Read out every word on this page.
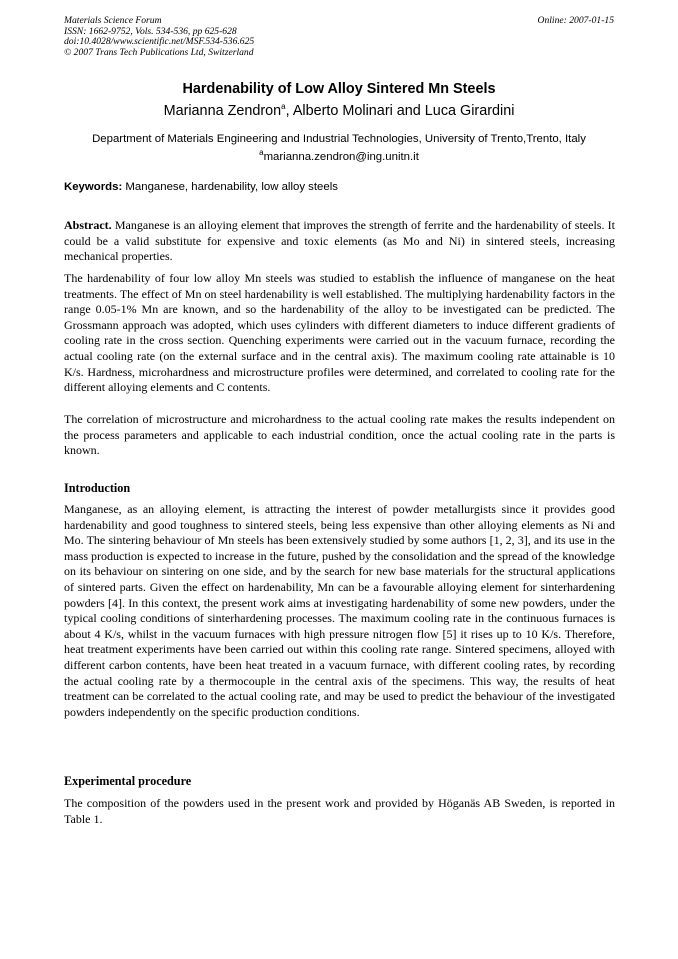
Materials Science Forum
ISSN: 1662-9752, Vols. 534-536, pp 625-628
doi:10.4028/www.scientific.net/MSF.534-536.625
© 2007 Trans Tech Publications Ltd, Switzerland
Online: 2007-01-15
Hardenability of Low Alloy Sintered Mn Steels
Marianna Zendron$^a$, Alberto Molinari and Luca Girardini
Department of Materials Engineering and Industrial Technologies, University of Trento,Trento, Italy
$^a$marianna.zendron@ing.unitn.it
Keywords: Manganese, hardenability, low alloy steels

Abstract. Manganese is an alloying element that improves the strength of ferrite and the hardenability of steels. It could be a valid substitute for expensive and toxic elements (as Mo and Ni) in sintered steels, increasing mechanical properties.

The hardenability of four low alloy Mn steels was studied to establish the influence of manganese on the heat treatments. The effect of Mn on steel hardenability is well established. The multiplying hardenability factors in the range 0.05-1% Mn are known, and so the hardenability of the alloy to be investigated can be predicted. The Grossmann approach was adopted, which uses cylinders with different diameters to induce different gradients of cooling rate in the cross section. Quenching experiments were carried out in the vacuum furnace, recording the actual cooling rate (on the external surface and in the central axis). The maximum cooling rate attainable is 10 K/s. Hardness, microhardness and microstructure profiles were determined, and correlated to cooling rate for the different alloying elements and C contents.

The correlation of microstructure and microhardness to the actual cooling rate makes the results independent on the process parameters and applicable to each industrial condition, once the actual cooling rate in the parts is known.

Introduction

Manganese, as an alloying element, is attracting the interest of powder metallurgists since it provides good hardenability and good toughness to sintered steels, being less expensive than other alloying elements as Ni and Mo. The sintering behaviour of Mn steels has been extensively studied by some authors [1, 2, 3], and its use in the mass production is expected to increase in the future, pushed by the consolidation and the spread of the knowledge on its behaviour on sintering on one side, and by the search for new base materials for the structural applications of sintered parts. Given the effect on hardenability, Mn can be a favourable alloying element for sinterhardening powders [4]. In this context, the present work aims at investigating hardenability of some new powders, under the typical cooling conditions of sinterhardening processes. The maximum cooling rate in the continuous furnaces is about 4 K/s, whilst in the vacuum furnaces with high pressure nitrogen flow [5] it rises up to 10 K/s. Therefore, heat treatment experiments have been carried out within this cooling rate range. Sintered specimens, alloyed with different carbon contents, have been heat treated in a vacuum furnace, with different cooling rates, by recording the actual cooling rate by a thermocouple in the central axis of the specimens. This way, the results of heat treatment can be correlated to the actual cooling rate, and may be used to predict the behaviour of the investigated powders independently on the specific production conditions.

Experimental procedure

The composition of the powders used in the present work and provided by Höganäs AB Sweden, is reported in Table 1.
